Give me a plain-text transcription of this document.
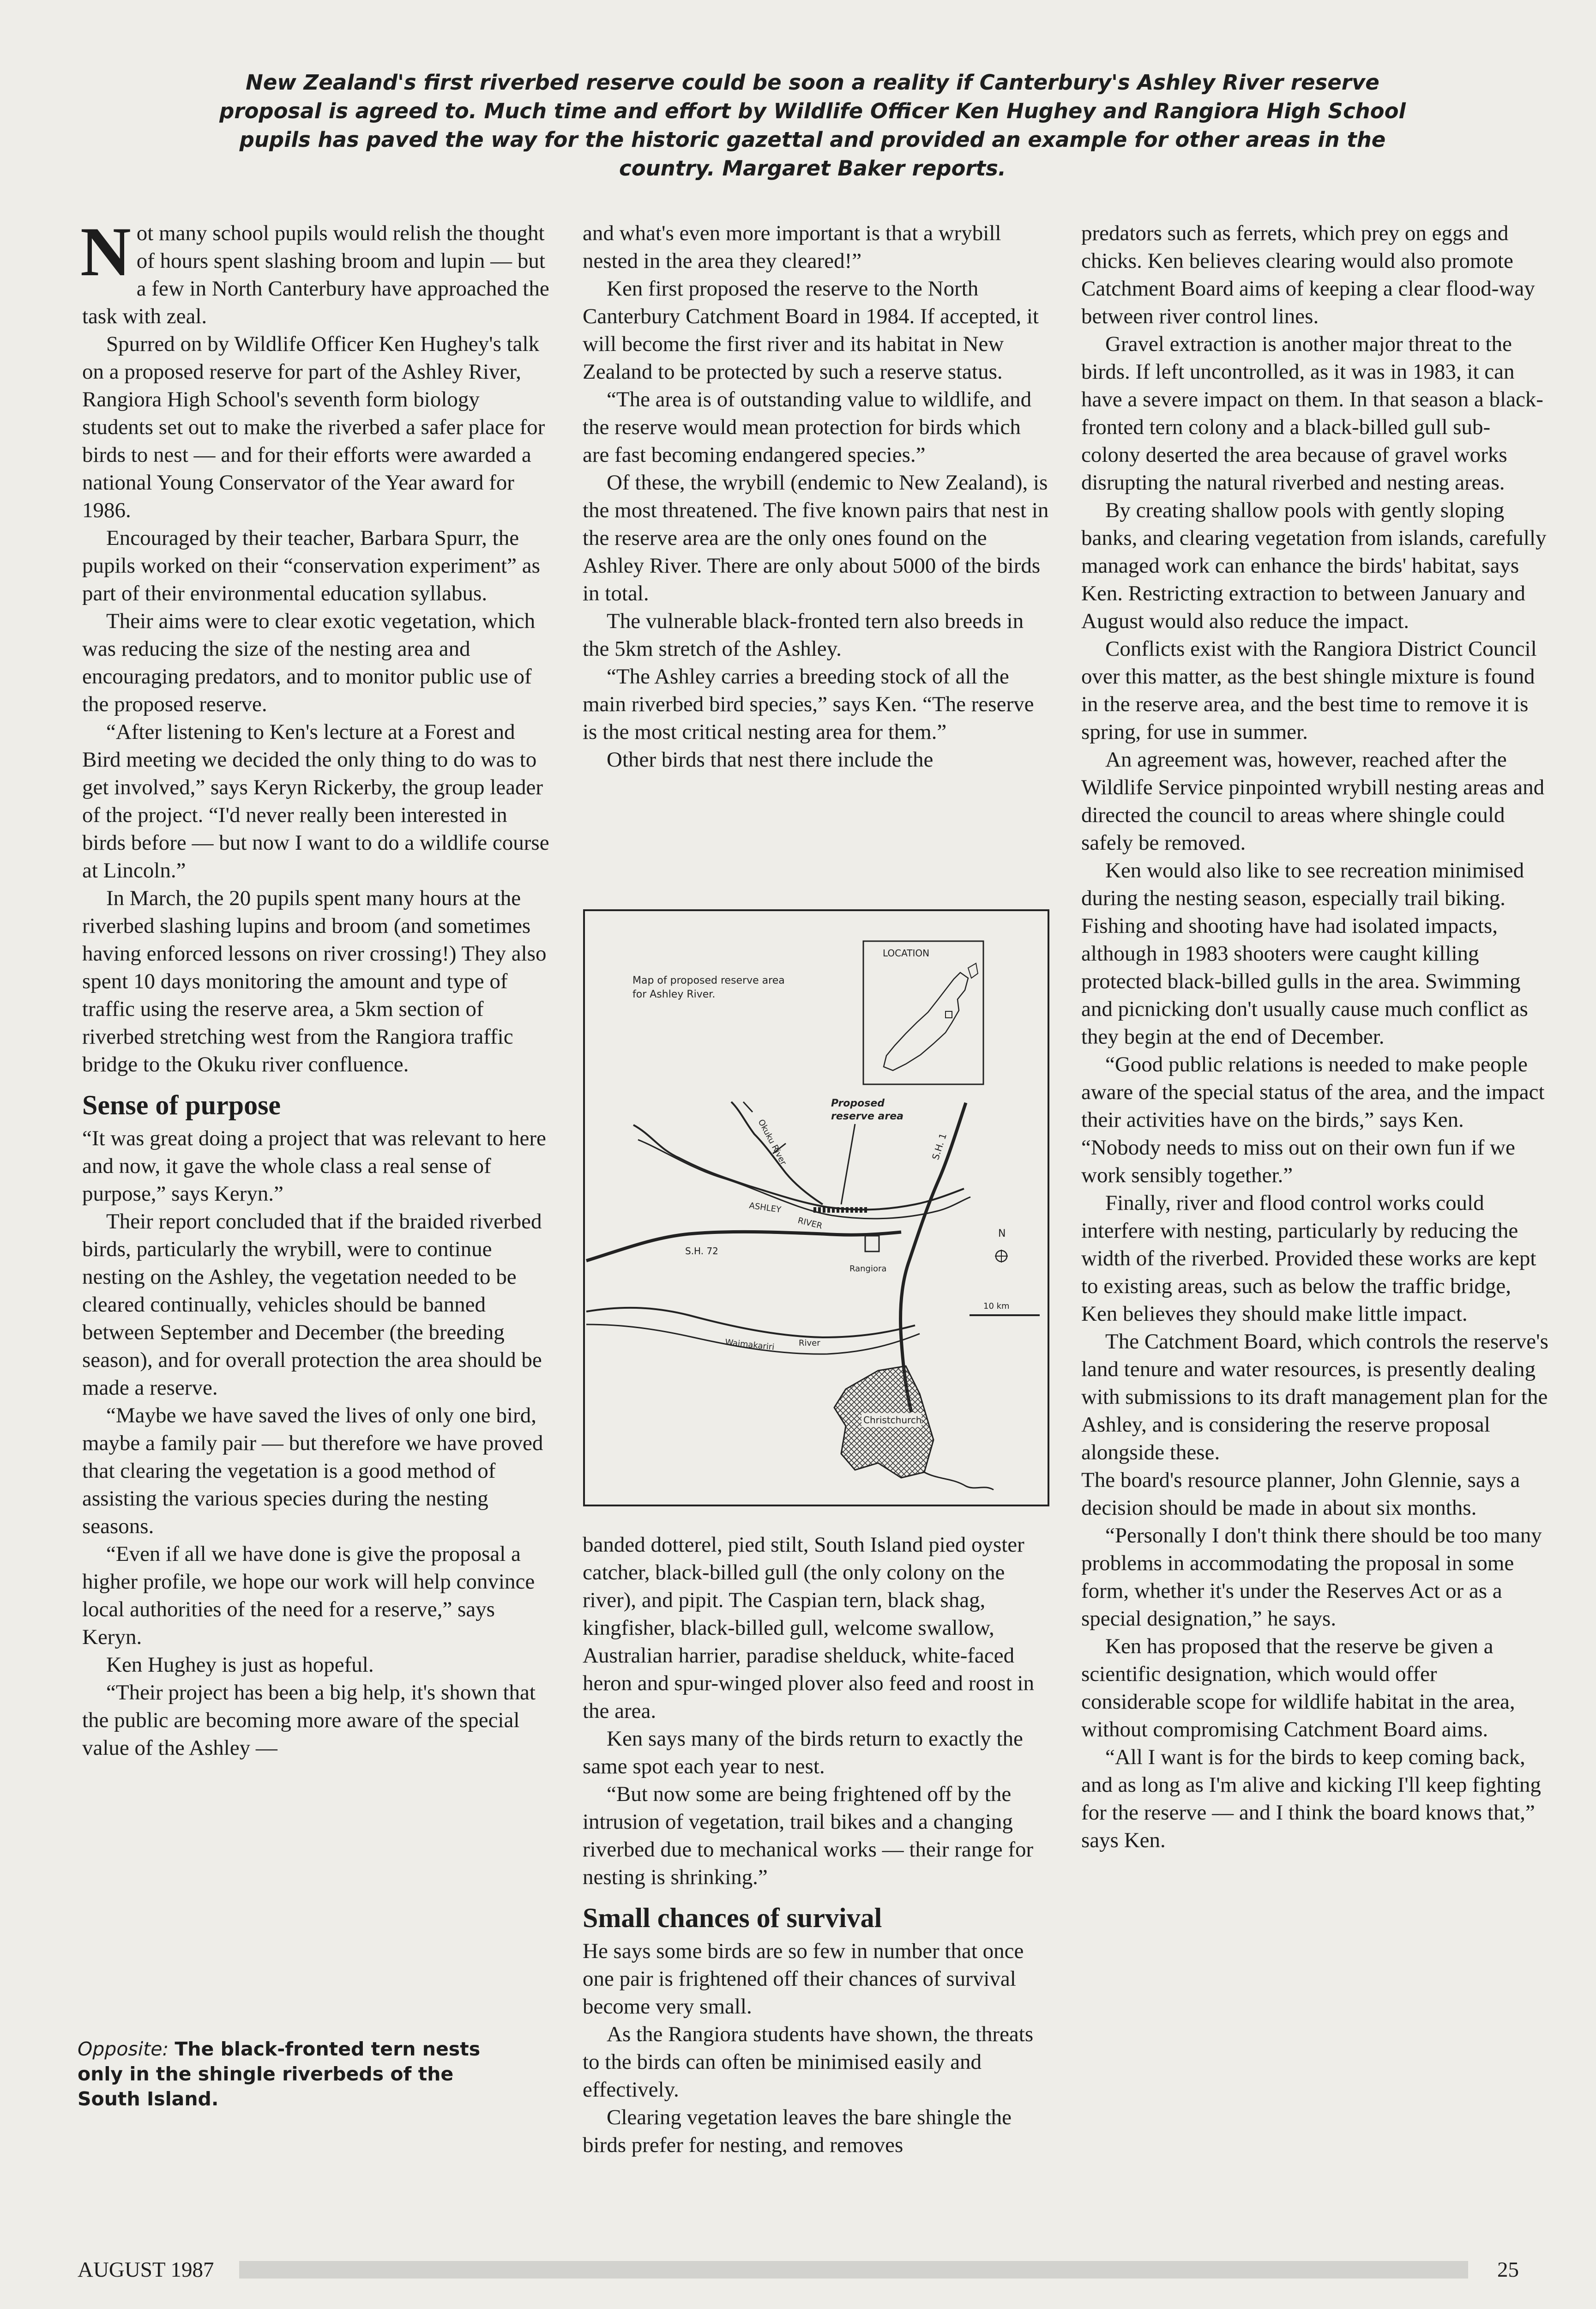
New Zealand's first riverbed reserve could be soon a reality if Canterbury's Ashley River reserve proposal is agreed to. Much time and effort by Wildlife Officer Ken Hughey and Rangiora High School pupils has paved the way for the historic gazettal and provided an example for other areas in the country. Margaret Baker reports.

Not many school pupils would relish the thought of hours spent slashing broom and lupin — but a few in North Canterbury have approached the task with zeal.

Spurred on by Wildlife Officer Ken Hughey's talk on a proposed reserve for part of the Ashley River, Rangiora High School's seventh form biology students set out to make the riverbed a safer place for birds to nest — and for their efforts were awarded a national Young Conservator of the Year award for 1986.

Encouraged by their teacher, Barbara Spurr, the pupils worked on their “conservation experiment” as part of their environmental education syllabus.

Their aims were to clear exotic vegetation, which was reducing the size of the nesting area and encouraging predators, and to monitor public use of the proposed reserve.

“After listening to Ken's lecture at a Forest and Bird meeting we decided the only thing to do was to get involved,” says Keryn Rickerby, the group leader of the project. “I'd never really been interested in birds before — but now I want to do a wildlife course at Lincoln.”

In March, the 20 pupils spent many hours at the riverbed slashing lupins and broom (and sometimes having enforced lessons on river crossing!) They also spent 10 days monitoring the amount and type of traffic using the reserve area, a 5km section of riverbed stretching west from the Rangiora traffic bridge to the Okuku river confluence.

Sense of purpose

“It was great doing a project that was relevant to here and now, it gave the whole class a real sense of purpose,” says Keryn.”

Their report concluded that if the braided riverbed birds, particularly the wrybill, were to continue nesting on the Ashley, the vegetation needed to be cleared continually, vehicles should be banned between September and December (the breeding season), and for overall protection the area should be made a reserve.

“Maybe we have saved the lives of only one bird, maybe a family pair — but therefore we have proved that clearing the vegetation is a good method of assisting the various species during the nesting seasons.

“Even if all we have done is give the proposal a higher profile, we hope our work will help convince local authorities of the need for a reserve,” says Keryn.

Ken Hughey is just as hopeful.

“Their project has been a big help, it's shown that the public are becoming more aware of the special value of the Ashley —

Opposite: The black-fronted tern nests only in the shingle riverbeds of the South Island.

and what's even more important is that a wrybill nested in the area they cleared!”

Ken first proposed the reserve to the North Canterbury Catchment Board in 1984. If accepted, it will become the first river and its habitat in New Zealand to be protected by such a reserve status.

“The area is of outstanding value to wildlife, and the reserve would mean protection for birds which are fast becoming endangered species.”

Of these, the wrybill (endemic to New Zealand), is the most threatened. The five known pairs that nest in the reserve area are the only ones found on the Ashley River. There are only about 5000 of the birds in total.

The vulnerable black-fronted tern also breeds in the 5km stretch of the Ashley.

“The Ashley carries a breeding stock of all the main riverbed bird species,” says Ken. “The reserve is the most critical nesting area for them.”

Other birds that nest there include the

Map of proposed reserve area
for Ashley River.
LOCATION
Okuku River
ASHLEY
RIVER
Proposed
reserve area
S.H. 72
S.H. 1
Rangiora
N
10 km
Waimakariri	River
Christchurch

banded dotterel, pied stilt, South Island pied oyster catcher, black-billed gull (the only colony on the river), and pipit. The Caspian tern, black shag, kingfisher, black-billed gull, welcome swallow, Australian harrier, paradise shelduck, white-faced heron and spur-winged plover also feed and roost in the area.

Ken says many of the birds return to exactly the same spot each year to nest.

“But now some are being frightened off by the intrusion of vegetation, trail bikes and a changing riverbed due to mechanical works — their range for nesting is shrinking.”

Small chances of survival

He says some birds are so few in number that once one pair is frightened off their chances of survival become very small.

As the Rangiora students have shown, the threats to the birds can often be minimised easily and effectively.

Clearing vegetation leaves the bare shingle the birds prefer for nesting, and removes

predators such as ferrets, which prey on eggs and chicks. Ken believes clearing would also promote Catchment Board aims of keeping a clear flood-way between river control lines.

Gravel extraction is another major threat to the birds. If left uncontrolled, as it was in 1983, it can have a severe impact on them. In that season a black-fronted tern colony and a black-billed gull sub-colony deserted the area because of gravel works disrupting the natural riverbed and nesting areas.

By creating shallow pools with gently sloping banks, and clearing vegetation from islands, carefully managed work can enhance the birds' habitat, says Ken. Restricting extraction to between January and August would also reduce the impact.

Conflicts exist with the Rangiora District Council over this matter, as the best shingle mixture is found in the reserve area, and the best time to remove it is spring, for use in summer.

An agreement was, however, reached after the Wildlife Service pinpointed wrybill nesting areas and directed the council to areas where shingle could safely be removed.

Ken would also like to see recreation minimised during the nesting season, especially trail biking. Fishing and shooting have had isolated impacts, although in 1983 shooters were caught killing protected black-billed gulls in the area. Swimming and picnicking don't usually cause much conflict as they begin at the end of December.

“Good public relations is needed to make people aware of the special status of the area, and the impact their activities have on the birds,” says Ken. “Nobody needs to miss out on their own fun if we work sensibly together.”

Finally, river and flood control works could interfere with nesting, particularly by reducing the width of the riverbed. Provided these works are kept to existing areas, such as below the traffic bridge, Ken believes they should make little impact.

The Catchment Board, which controls the reserve's land tenure and water resources, is presently dealing with submissions to its draft management plan for the Ashley, and is considering the reserve proposal alongside these.

The board's resource planner, John Glennie, says a decision should be made in about six months.

“Personally I don't think there should be too many problems in accommodating the proposal in some form, whether it's under the Reserves Act or as a special designation,” he says.

Ken has proposed that the reserve be given a scientific designation, which would offer considerable scope for wildlife habitat in the area, without compromising Catchment Board aims.

“All I want is for the birds to keep coming back, and as long as I'm alive and kicking I'll keep fighting for the reserve — and I think the board knows that,” says Ken.

AUGUST 1987	25
